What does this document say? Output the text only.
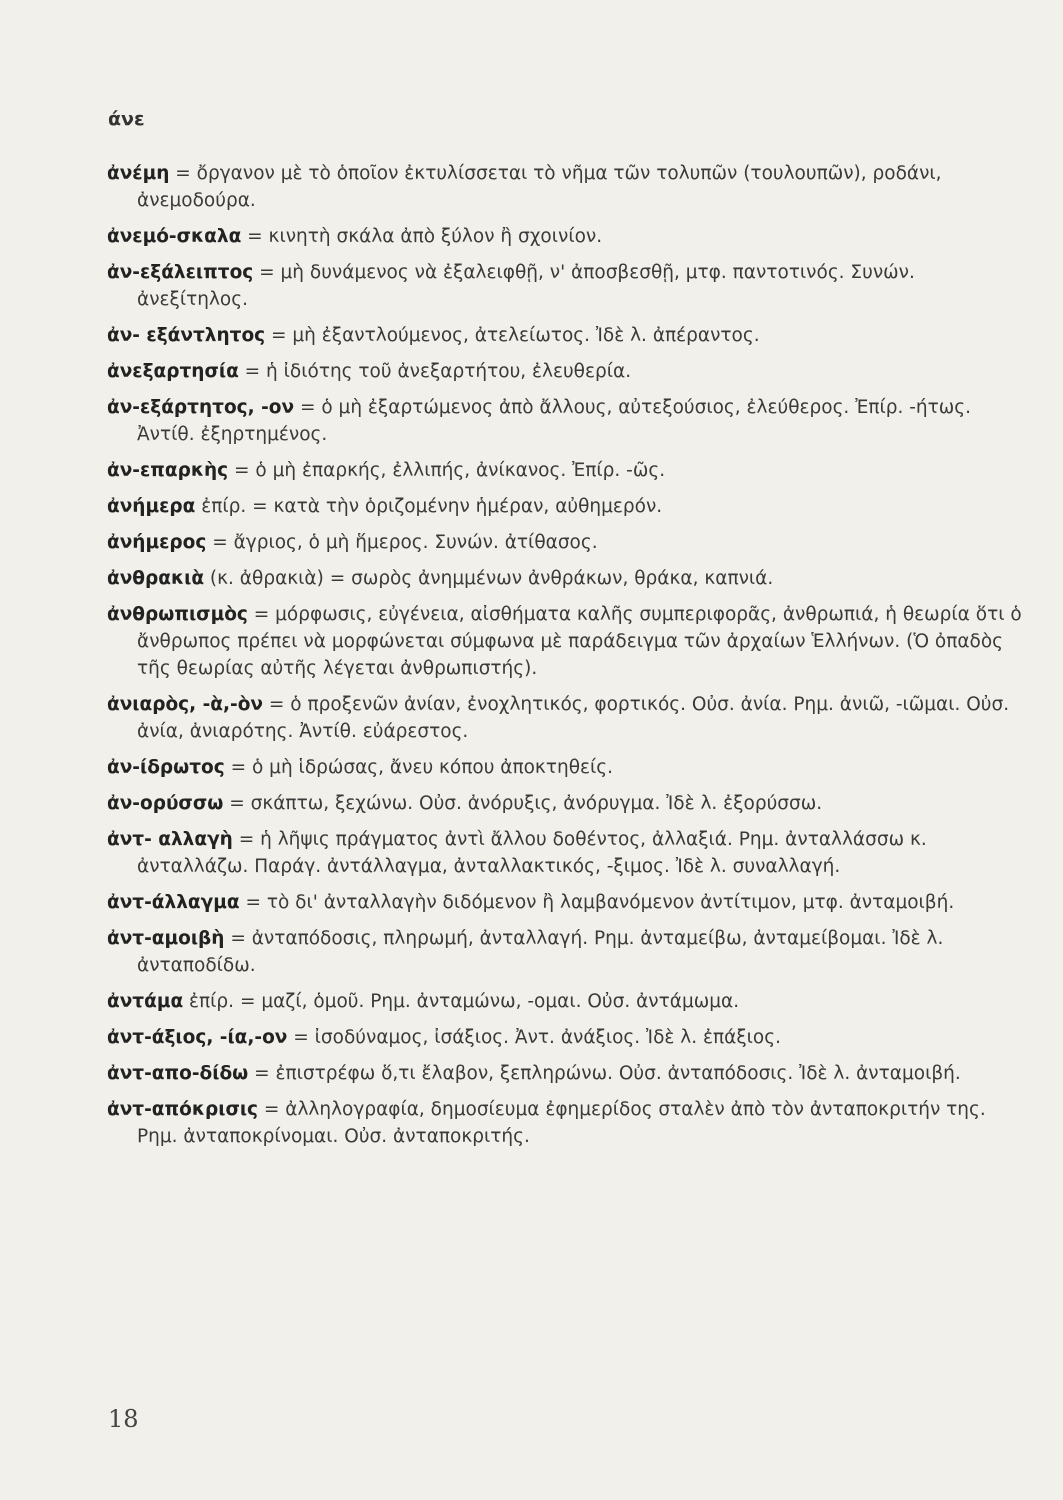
άνε
ἀνέμη = ὄργανον μὲ τὸ ὁποῖον ἐκτυλίσσεται τὸ νῆμα τῶν τολυπῶν (τουλουπῶν), ροδάνι, ἀνεμοδούρα.
ἀνεμό-σκαλα = κινητὴ σκάλα ἀπὸ ξύλον ἢ σχοινίον.
ἀν-εξάλειπτος = μὴ δυνάμενος νὰ ἐξαλειφθῇ, ν' ἀποσβεσθῇ, μτφ. παντοτινός. Συνών. ἀνεξίτηλος.
ἀν- εξάντλητος = μὴ ἐξαντλούμενος, ἀτελείωτος. Ἰδὲ λ. ἀπέραντος.
ἀνεξαρτησία = ἡ ἰδιότης τοῦ ἀνεξαρτήτου, ἐλευθερία.
ἀν-εξάρτητος, -ον = ὁ μὴ ἐξαρτώμενος ἀπὸ ἄλλους, αὐτεξούσιος, ἐλεύθερος. Ἐπίρ. -ήτως. Ἀντίθ. ἐξηρτημένος.
ἀν-επαρκὴς = ὁ μὴ ἐπαρκής, ἐλλιπής, ἀνίκανος. Ἐπίρ. -ῶς.
ἀνήμερα ἐπίρ. = κατὰ τὴν ὁριζομένην ἡμέραν, αὐθημερόν.
ἀνήμερος = ἄγριος, ὁ μὴ ἥμερος. Συνών. ἀτίθασος.
ἀνθρακιὰ (κ. ἀθρακιὰ) = σωρὸς ἀνημμένων ἀνθράκων, θράκα, καπνιά.
ἀνθρωπισμὸς = μόρφωσις, εὐγένεια, αἰσθήματα καλῆς συμπεριφορᾶς, ἀνθρωπιά, ἡ θεωρία ὅτι ὁ ἄνθρωπος πρέπει νὰ μορφώνεται σύμφωνα μὲ παράδειγμα τῶν ἀρχαίων Ἑλλήνων. (Ὁ ὀπαδὸς τῆς θεωρίας αὐτῆς λέγεται ἀνθρωπιστής).
ἀνιαρὸς, -ὰ,-ὸν = ὁ προξενῶν ἀνίαν, ἐνοχλητικός, φορτικός. Οὐσ. ἀνία. Ρημ. ἀνιῶ, -ιῶμαι. Οὐσ. ἀνία, ἀνιαρότης. Ἀντίθ. εὐάρεστος.
ἀν-ίδρωτος = ὁ μὴ ἱδρώσας, ἄνευ κόπου ἀποκτηθείς.
ἀν-ορύσσω = σκάπτω, ξεχώνω. Οὐσ. ἀνόρυξις, ἀνόρυγμα. Ἰδὲ λ. ἐξορύσσω.
ἀντ- αλλαγὴ = ἡ λῆψις πράγματος ἀντὶ ἄλλου δοθέντος, ἀλλαξιά. Ρημ. ἀνταλλάσσω κ. ἀνταλλάζω. Παράγ. ἀντάλλαγμα, ἀνταλλακτικός, -ξιμος. Ἰδὲ λ. συναλλαγή.
ἀντ-άλλαγμα = τὸ δι' ἀνταλλαγὴν διδόμενον ἢ λαμβανόμενον ἀντίτιμον, μτφ. ἀνταμοιβή.
ἀντ-αμοιβὴ = ἀνταπόδοσις, πληρωμή, ἀνταλλαγή. Ρημ. ἀνταμείβω, ἀνταμείβομαι. Ἰδὲ λ. ἀνταποδίδω.
ἀντάμα ἐπίρ. = μαζί, ὁμοῦ. Ρημ. ἀνταμώνω, -ομαι. Οὐσ. ἀντάμωμα.
ἀντ-άξιος, -ία,-ον = ἰσοδύναμος, ἰσάξιος. Ἀντ. ἀνάξιος. Ἰδὲ λ. ἐπάξιος.
ἀντ-απο-δίδω = ἐπιστρέφω ὅ,τι ἔλαβον, ξεπληρώνω. Οὐσ. ἀνταπόδοσις. Ἰδὲ λ. ἀνταμοιβή.
ἀντ-απόκρισις = ἀλληλογραφία, δημοσίευμα ἐφημερίδος σταλὲν ἀπὸ τὸν ἀνταποκριτήν της. Ρημ. ἀνταποκρίνομαι. Οὐσ. ἀνταποκριτής.
18
